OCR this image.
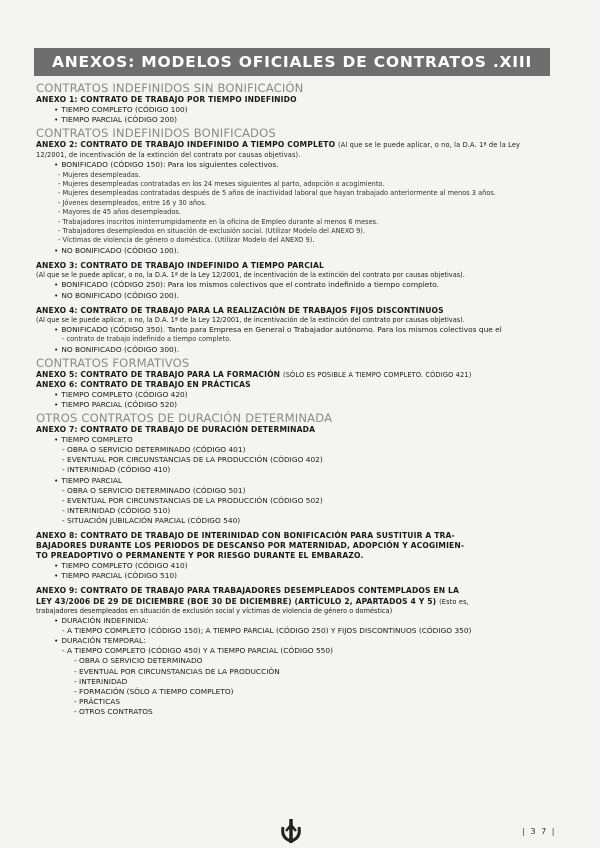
ANEXOS: MODELOS OFICIALES DE CONTRATOS .XIII
CONTRATOS INDEFINIDOS SIN BONIFICACIÓN
ANEXO 1: CONTRATO DE TRABAJO POR TIEMPO INDEFINIDO
• TIEMPO COMPLETO (CÓDIGO 100)
• TIEMPO PARCIAL (CÓDIGO 200)
CONTRATOS INDEFINIDOS BONIFICADOS
ANEXO 2: CONTRATO DE TRABAJO INDEFINIDO A TIEMPO COMPLETO (Al que se le puede aplicar, o no, la D.A. 1ª de la Ley 12/2001, de incentivación de la extinción del contrato por causas objetivas).
• BONIFICADO (CÓDIGO 150): Para los siguientes colectivos.
- Mujeres desempleadas.
- Mujeres desempleadas contratadas en los 24 meses siguientes al parto, adopción o acogimiento.
- Mujeres desempleadas contratadas después de 5 años de inactividad laboral que hayan trabajado anteriormente al menos 3 años.
- Jóvenes desempleados, entre 16 y 30 años.
- Mayores de 45 años desempleados.
- Trabajadores inscritos ininterrumpidamente en la oficina de Empleo durante al menos 6 meses.
- Trabajadores desempleados en situación de exclusión social. (Utilizar Modelo del ANEXO 9).
- Víctimas de violencia de género o doméstica. (Utilizar Modelo del ANEXO 9).
• NO BONIFICADO (CÓDIGO 100).
ANEXO 3: CONTRATO DE TRABAJO INDEFINIDO A TIEMPO PARCIAL
(Al que se le puede aplicar, o no, la D.A. 1ª de la Ley 12/2001, de incentivación de la extinción del contrato por causas objetivas).
• BONIFICADO (CÓDIGO 250): Para los mismos colectivos que el contrato indefinido a tiempo completo.
• NO BONIFICADO (CÓDIGO 200).
ANEXO 4: CONTRATO DE TRABAJO PARA LA REALIZACIÓN DE TRABAJOS FIJOS DISCONTINUOS
(Al que se le puede aplicar, o no, la D.A. 1ª de la Ley 12/2001, de incentivación de la extinción del contrato por causas objetivas).
• BONIFICADO (CÓDIGO 350). Tanto para Empresa en General o Trabajador autónomo. Para los mismos colectivos que el
- contrato de trabajo indefinido a tiempo completo.
• NO BONIFICADO (CÓDIGO 300).
CONTRATOS FORMATIVOS
ANEXO 5: CONTRATO DE TRABAJO PARA LA FORMACIÓN (SÓLO ES POSIBLE A TIEMPO COMPLETO. CÓDIGO 421)
ANEXO 6: CONTRATO DE TRABAJO EN PRÁCTICAS
• TIEMPO COMPLETO (CÓDIGO 420)
• TIEMPO PARCIAL (CÓDIGO 520)
OTROS CONTRATOS DE DURACIÓN DETERMINADA
ANEXO 7: CONTRATO DE TRABAJO DE DURACIÓN DETERMINADA
• TIEMPO COMPLETO
- OBRA O SERVICIO DETERMINADO (CÓDIGO 401)
- EVENTUAL POR CIRCUNSTANCIAS DE LA PRODUCCIÓN (CÓDIGO 402)
- INTERINIDAD (CÓDIGO 410)
• TIEMPO PARCIAL
- OBRA O SERVICIO DETERMINADO (CÓDIGO 501)
- EVENTUAL POR CIRCUNSTANCIAS DE LA PRODUCCIÓN (CÓDIGO 502)
- INTERINIDAD (CÓDIGO 510)
- SITUACIÓN JUBILACIÓN PARCIAL (CÓDIGO 540)
ANEXO 8: CONTRATO DE TRABAJO DE INTERINIDAD CON BONIFICACIÓN PARA SUSTITUIR A TRA-
BAJADORES DURANTE LOS PERIODOS DE DESCANSO POR MATERNIDAD, ADOPCIÓN Y ACOGIMIEN-
TO PREADOPTIVO O PERMANENTE Y POR RIESGO DURANTE EL EMBARAZO.
• TIEMPO COMPLETO (CÓDIGO 410)
• TIEMPO PARCIAL (CÓDIGO 510)
ANEXO 9: CONTRATO DE TRABAJO PARA TRABAJADORES DESEMPLEADOS CONTEMPLADOS EN LA
LEY 43/2006 DE 29 DE DICIEMBRE (BOE 30 DE DICIEMBRE) (ARTÍCULO 2, APARTADOS 4 Y 5) (Esto es,
trabajadores desempleados en situación de exclusión social y víctimas de violencia de género o doméstica)
• DURACIÓN INDEFINIDA:
- A TIEMPO COMPLETO (CÓDIGO 150); A TIEMPO PARCIAL (CÓDIGO 250) Y FIJOS DISCONTINUOS (CÓDIGO 350)
• DURACIÓN TEMPORAL:
- A TIEMPO COMPLETO (CÓDIGO 450) Y A TIEMPO PARCIAL (CÓDIGO 550)
- OBRA O SERVICIO DETERMINADO
- EVENTUAL POR CIRCUNSTANCIAS DE LA PRODUCCIÓN
- INTERINIDAD
- FORMACIÓN (SÓLO A TIEMPO COMPLETO)
- PRÁCTICAS
- OTROS CONTRATOS
| 3 7 |
